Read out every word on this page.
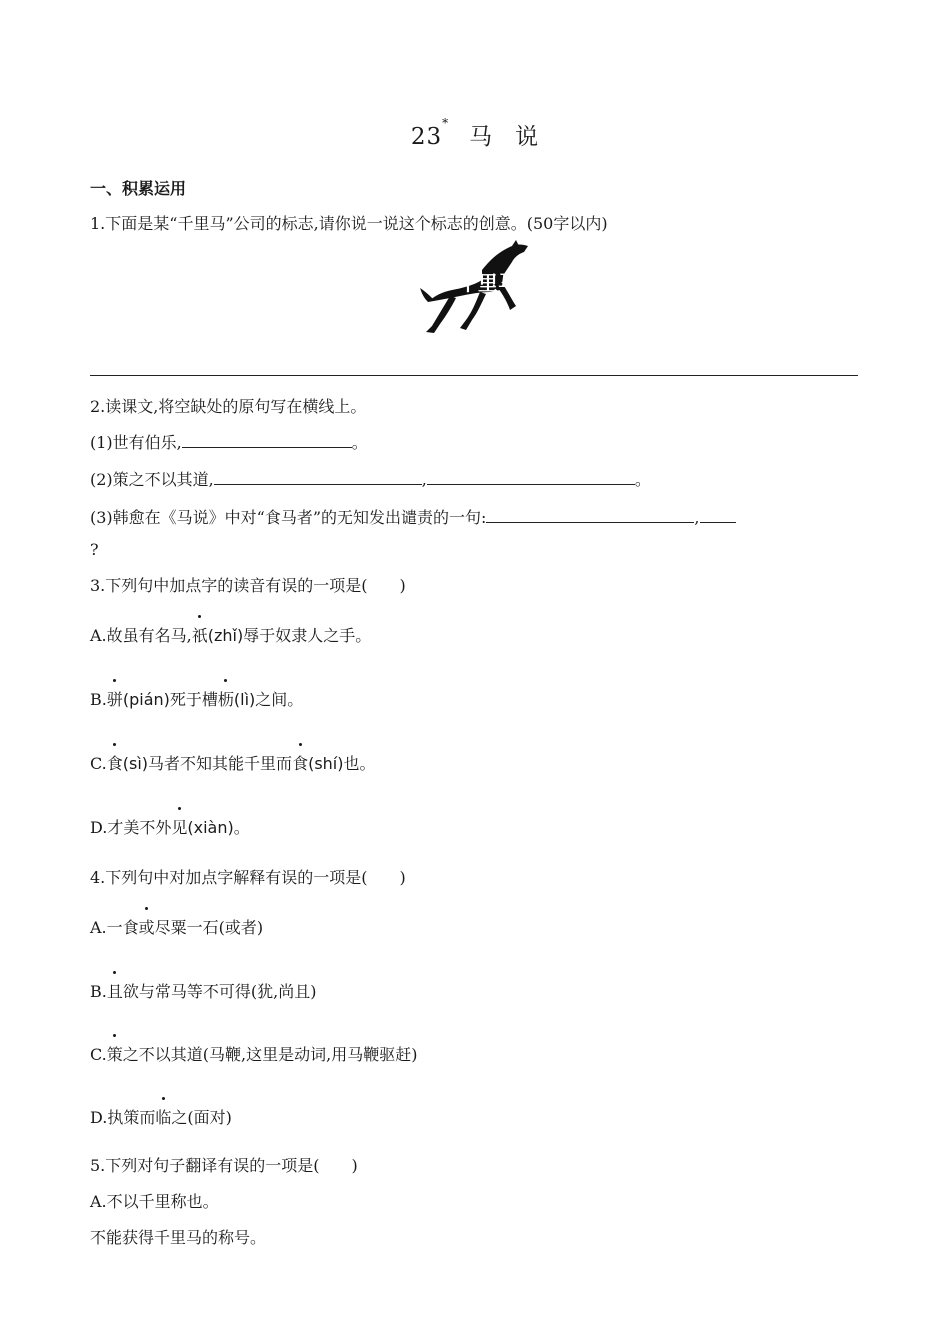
23*马 说
一、积累运用
1.下面是某“千里马”公司的标志,请你说一说这个标志的创意。(50字以内)
千里马
2.读课文,将空缺处的原句写在横线上。
(1)世有伯乐,	。
(2)策之不以其道,	,	。
(3)韩愈在《马说》中对“食马者”的无知发出谴责的一句:	,
?
3.下列句中加点字的读音有误的一项是(　　)
A.故虽有名马,祇(zhǐ)辱于奴隶人之手。
B.骈(pián)死于槽枥(lì)之间。
C.食(sì)马者不知其能千里而食(shí)也。
D.才美不外见(xiàn)。
4.下列句中对加点字解释有误的一项是(　　)
A.一食或尽粟一石(或者)
B.且欲与常马等不可得(犹,尚且)
C.策之不以其道(马鞭,这里是动词,用马鞭驱赶)
D.执策而临之(面对)
5.下列对句子翻译有误的一项是(　　)
A.不以千里称也。
不能获得千里马的称号。
